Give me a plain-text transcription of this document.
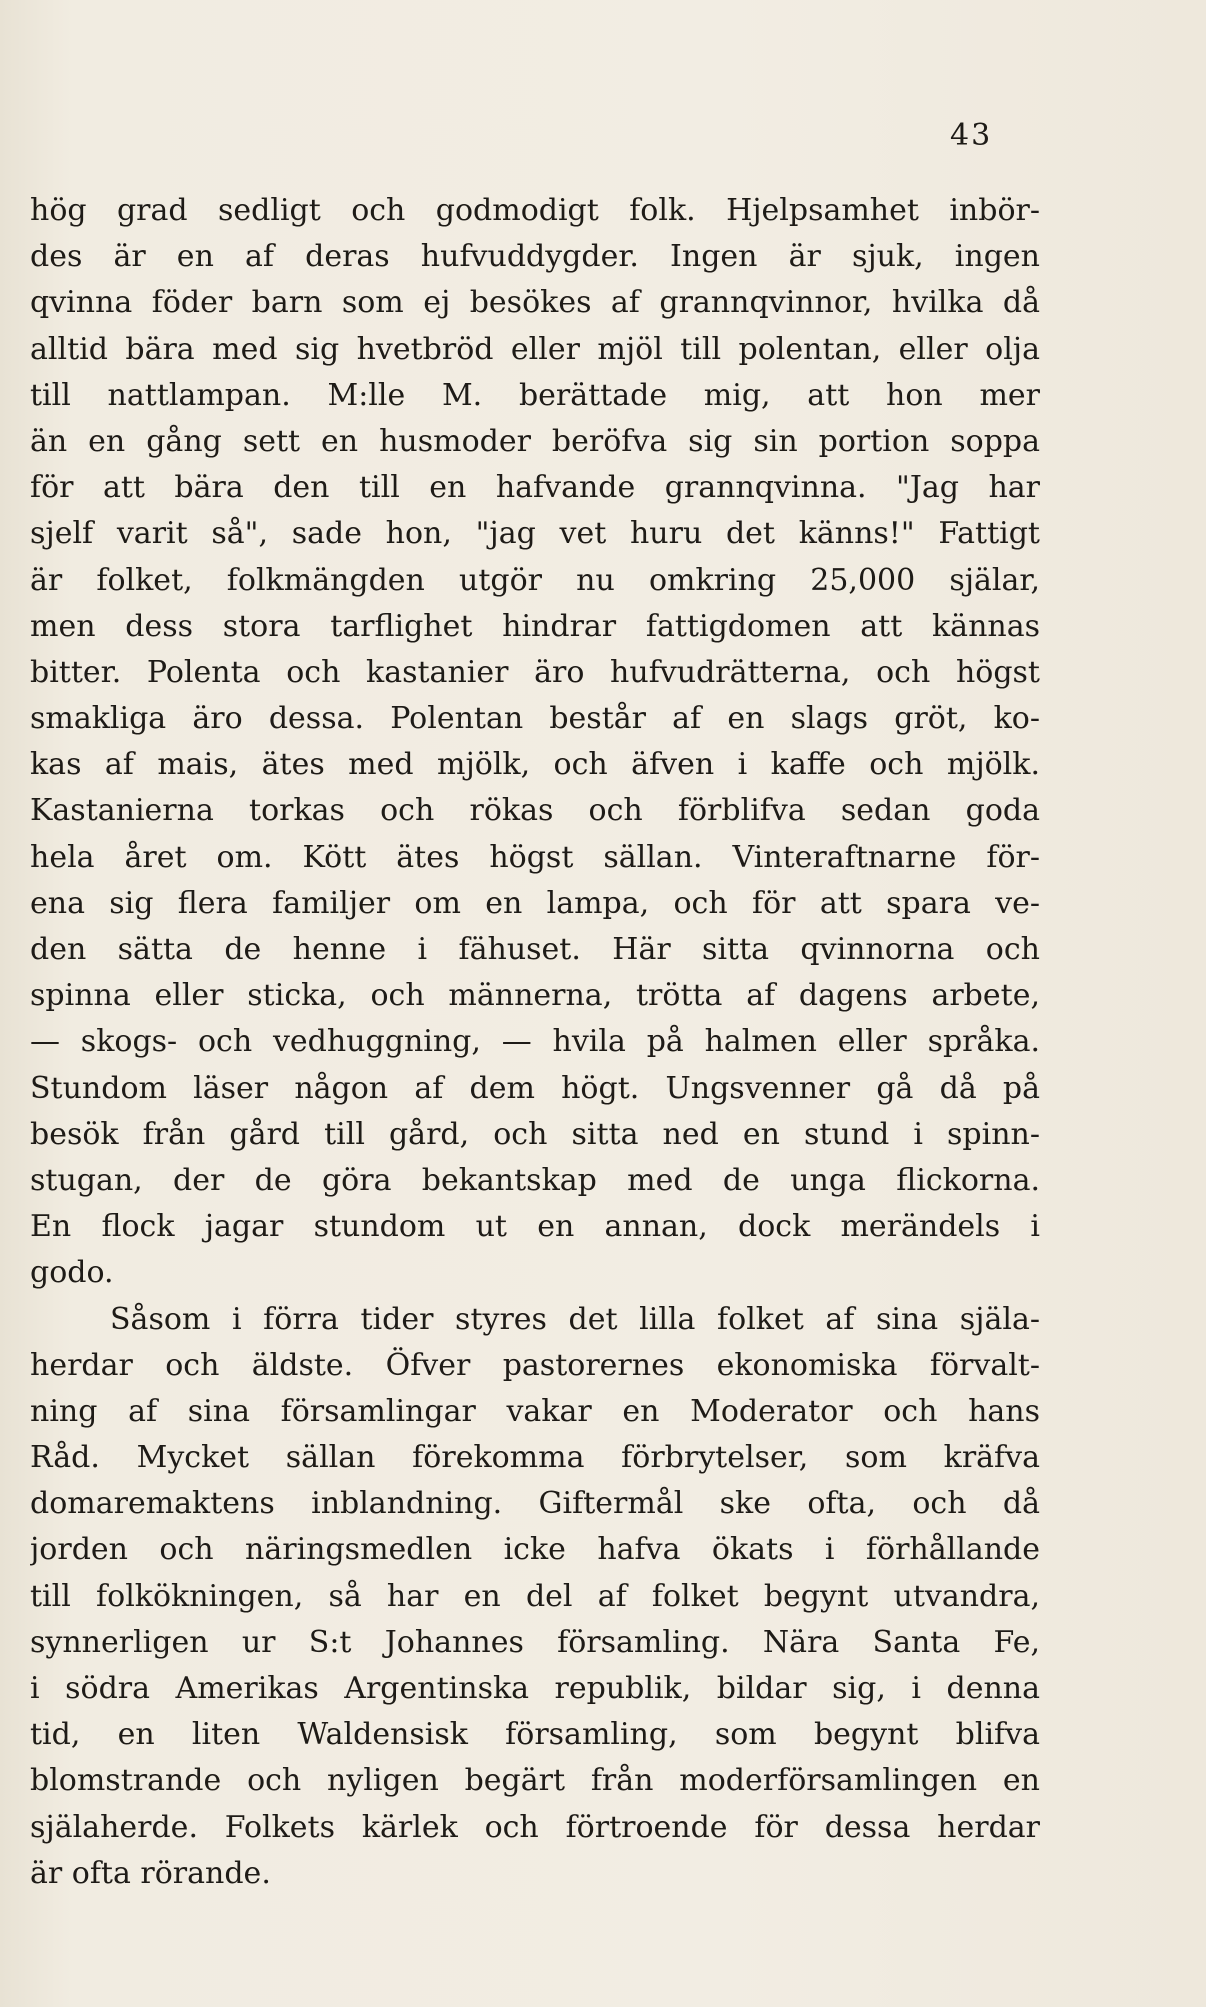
43
hög grad sedligt och godmodigt folk. Hjelpsamhet inbör-
des är en af deras hufvuddygder. Ingen är sjuk, ingen
qvinna föder barn som ej besökes af grannqvinnor, hvilka då
alltid bära med sig hvetbröd eller mjöl till polentan, eller olja
till nattlampan. M:lle M. berättade mig, att hon mer
än en gång sett en husmoder beröfva sig sin portion soppa
för att bära den till en hafvande grannqvinna. "Jag har
sjelf varit så", sade hon, "jag vet huru det känns!" Fattigt
är folket, folkmängden utgör nu omkring 25,000 själar,
men dess stora tarflighet hindrar fattigdomen att kännas
bitter. Polenta och kastanier äro hufvudrätterna, och högst
smakliga äro dessa. Polentan består af en slags gröt, ko-
kas af mais, ätes med mjölk, och äfven i kaffe och mjölk.
Kastanierna torkas och rökas och förblifva sedan goda
hela året om. Kött ätes högst sällan. Vinteraftnarne för-
ena sig flera familjer om en lampa, och för att spara ve-
den sätta de henne i fähuset. Här sitta qvinnorna och
spinna eller sticka, och männerna, trötta af dagens arbete,
— skogs- och vedhuggning, — hvila på halmen eller språka.
Stundom läser någon af dem högt. Ungsvenner gå då på
besök från gård till gård, och sitta ned en stund i spinn-
stugan, der de göra bekantskap med de unga flickorna.
En flock jagar stundom ut en annan, dock merändels i
godo.
Såsom i förra tider styres det lilla folket af sina själa-
herdar och äldste. Öfver pastorernes ekonomiska förvalt-
ning af sina församlingar vakar en Moderator och hans
Råd. Mycket sällan förekomma förbrytelser, som kräfva
domaremaktens inblandning. Giftermål ske ofta, och då
jorden och näringsmedlen icke hafva ökats i förhållande
till folkökningen, så har en del af folket begynt utvandra,
synnerligen ur S:t Johannes församling. Nära Santa Fe,
i södra Amerikas Argentinska republik, bildar sig, i denna
tid, en liten Waldensisk församling, som begynt blifva
blomstrande och nyligen begärt från moderförsamlingen en
själaherde. Folkets kärlek och förtroende för dessa herdar
är ofta rörande.
